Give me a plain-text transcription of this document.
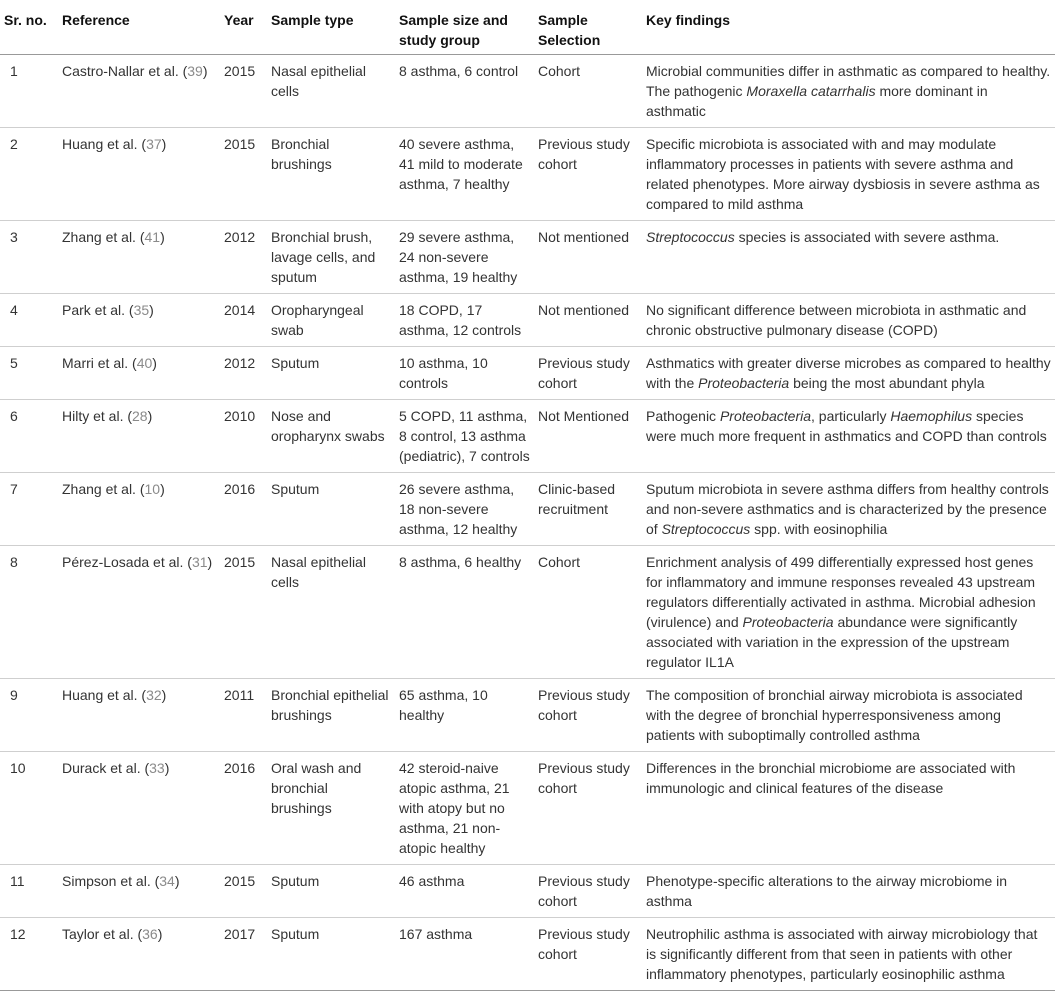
Sr. no.	Reference	Year	Sample type	Sample size and study group	Sample Selection	Key findings
1	Castro-Nallar et al. (39)	2015	Nasal epithelial cells	8 asthma, 6 control	Cohort	Microbial communities differ in asthmatic as compared to healthy. The pathogenic Moraxella catarrhalis more dominant in asthmatic
2	Huang et al. (37)	2015	Bronchial brushings	40 severe asthma, 41 mild to moderate asthma, 7 healthy	Previous study cohort	Specific microbiota is associated with and may modulate inflammatory processes in patients with severe asthma and related phenotypes. More airway dysbiosis in severe asthma as compared to mild asthma
3	Zhang et al. (41)	2012	Bronchial brush, lavage cells, and sputum	29 severe asthma, 24 non-severe asthma, 19 healthy	Not mentioned	Streptococcus species is associated with severe asthma.
4	Park et al. (35)	2014	Oropharyngeal swab	18 COPD, 17 asthma, 12 controls	Not mentioned	No significant difference between microbiota in asthmatic and chronic obstructive pulmonary disease (COPD)
5	Marri et al. (40)	2012	Sputum	10 asthma, 10 controls	Previous study cohort	Asthmatics with greater diverse microbes as compared to healthy with the Proteobacteria being the most abundant phyla
6	Hilty et al. (28)	2010	Nose and oropharynx swabs	5 COPD, 11 asthma, 8 control, 13 asthma (pediatric), 7 controls	Not Mentioned	Pathogenic Proteobacteria, particularly Haemophilus species were much more frequent in asthmatics and COPD than controls
7	Zhang et al. (10)	2016	Sputum	26 severe asthma, 18 non-severe asthma, 12 healthy	Clinic-based recruitment	Sputum microbiota in severe asthma differs from healthy controls and non-severe asthmatics and is characterized by the presence of Streptococcus spp. with eosinophilia
8	Pérez-Losada et al. (31)	2015	Nasal epithelial cells	8 asthma, 6 healthy	Cohort	Enrichment analysis of 499 differentially expressed host genes for inflammatory and immune responses revealed 43 upstream regulators differentially activated in asthma. Microbial adhesion (virulence) and Proteobacteria abundance were significantly associated with variation in the expression of the upstream regulator IL1A
9	Huang et al. (32)	2011	Bronchial epithelial brushings	65 asthma, 10 healthy	Previous study cohort	The composition of bronchial airway microbiota is associated with the degree of bronchial hyperresponsiveness among patients with suboptimally controlled asthma
10	Durack et al. (33)	2016	Oral wash and bronchial brushings	42 steroid-naive atopic asthma, 21 with atopy but no asthma, 21 non-atopic healthy	Previous study cohort	Differences in the bronchial microbiome are associated with immunologic and clinical features of the disease
11	Simpson et al. (34)	2015	Sputum	46 asthma	Previous study cohort	Phenotype-specific alterations to the airway microbiome in asthma
12	Taylor et al. (36)	2017	Sputum	167 asthma	Previous study cohort	Neutrophilic asthma is associated with airway microbiology that is significantly different from that seen in patients with other inflammatory phenotypes, particularly eosinophilic asthma
